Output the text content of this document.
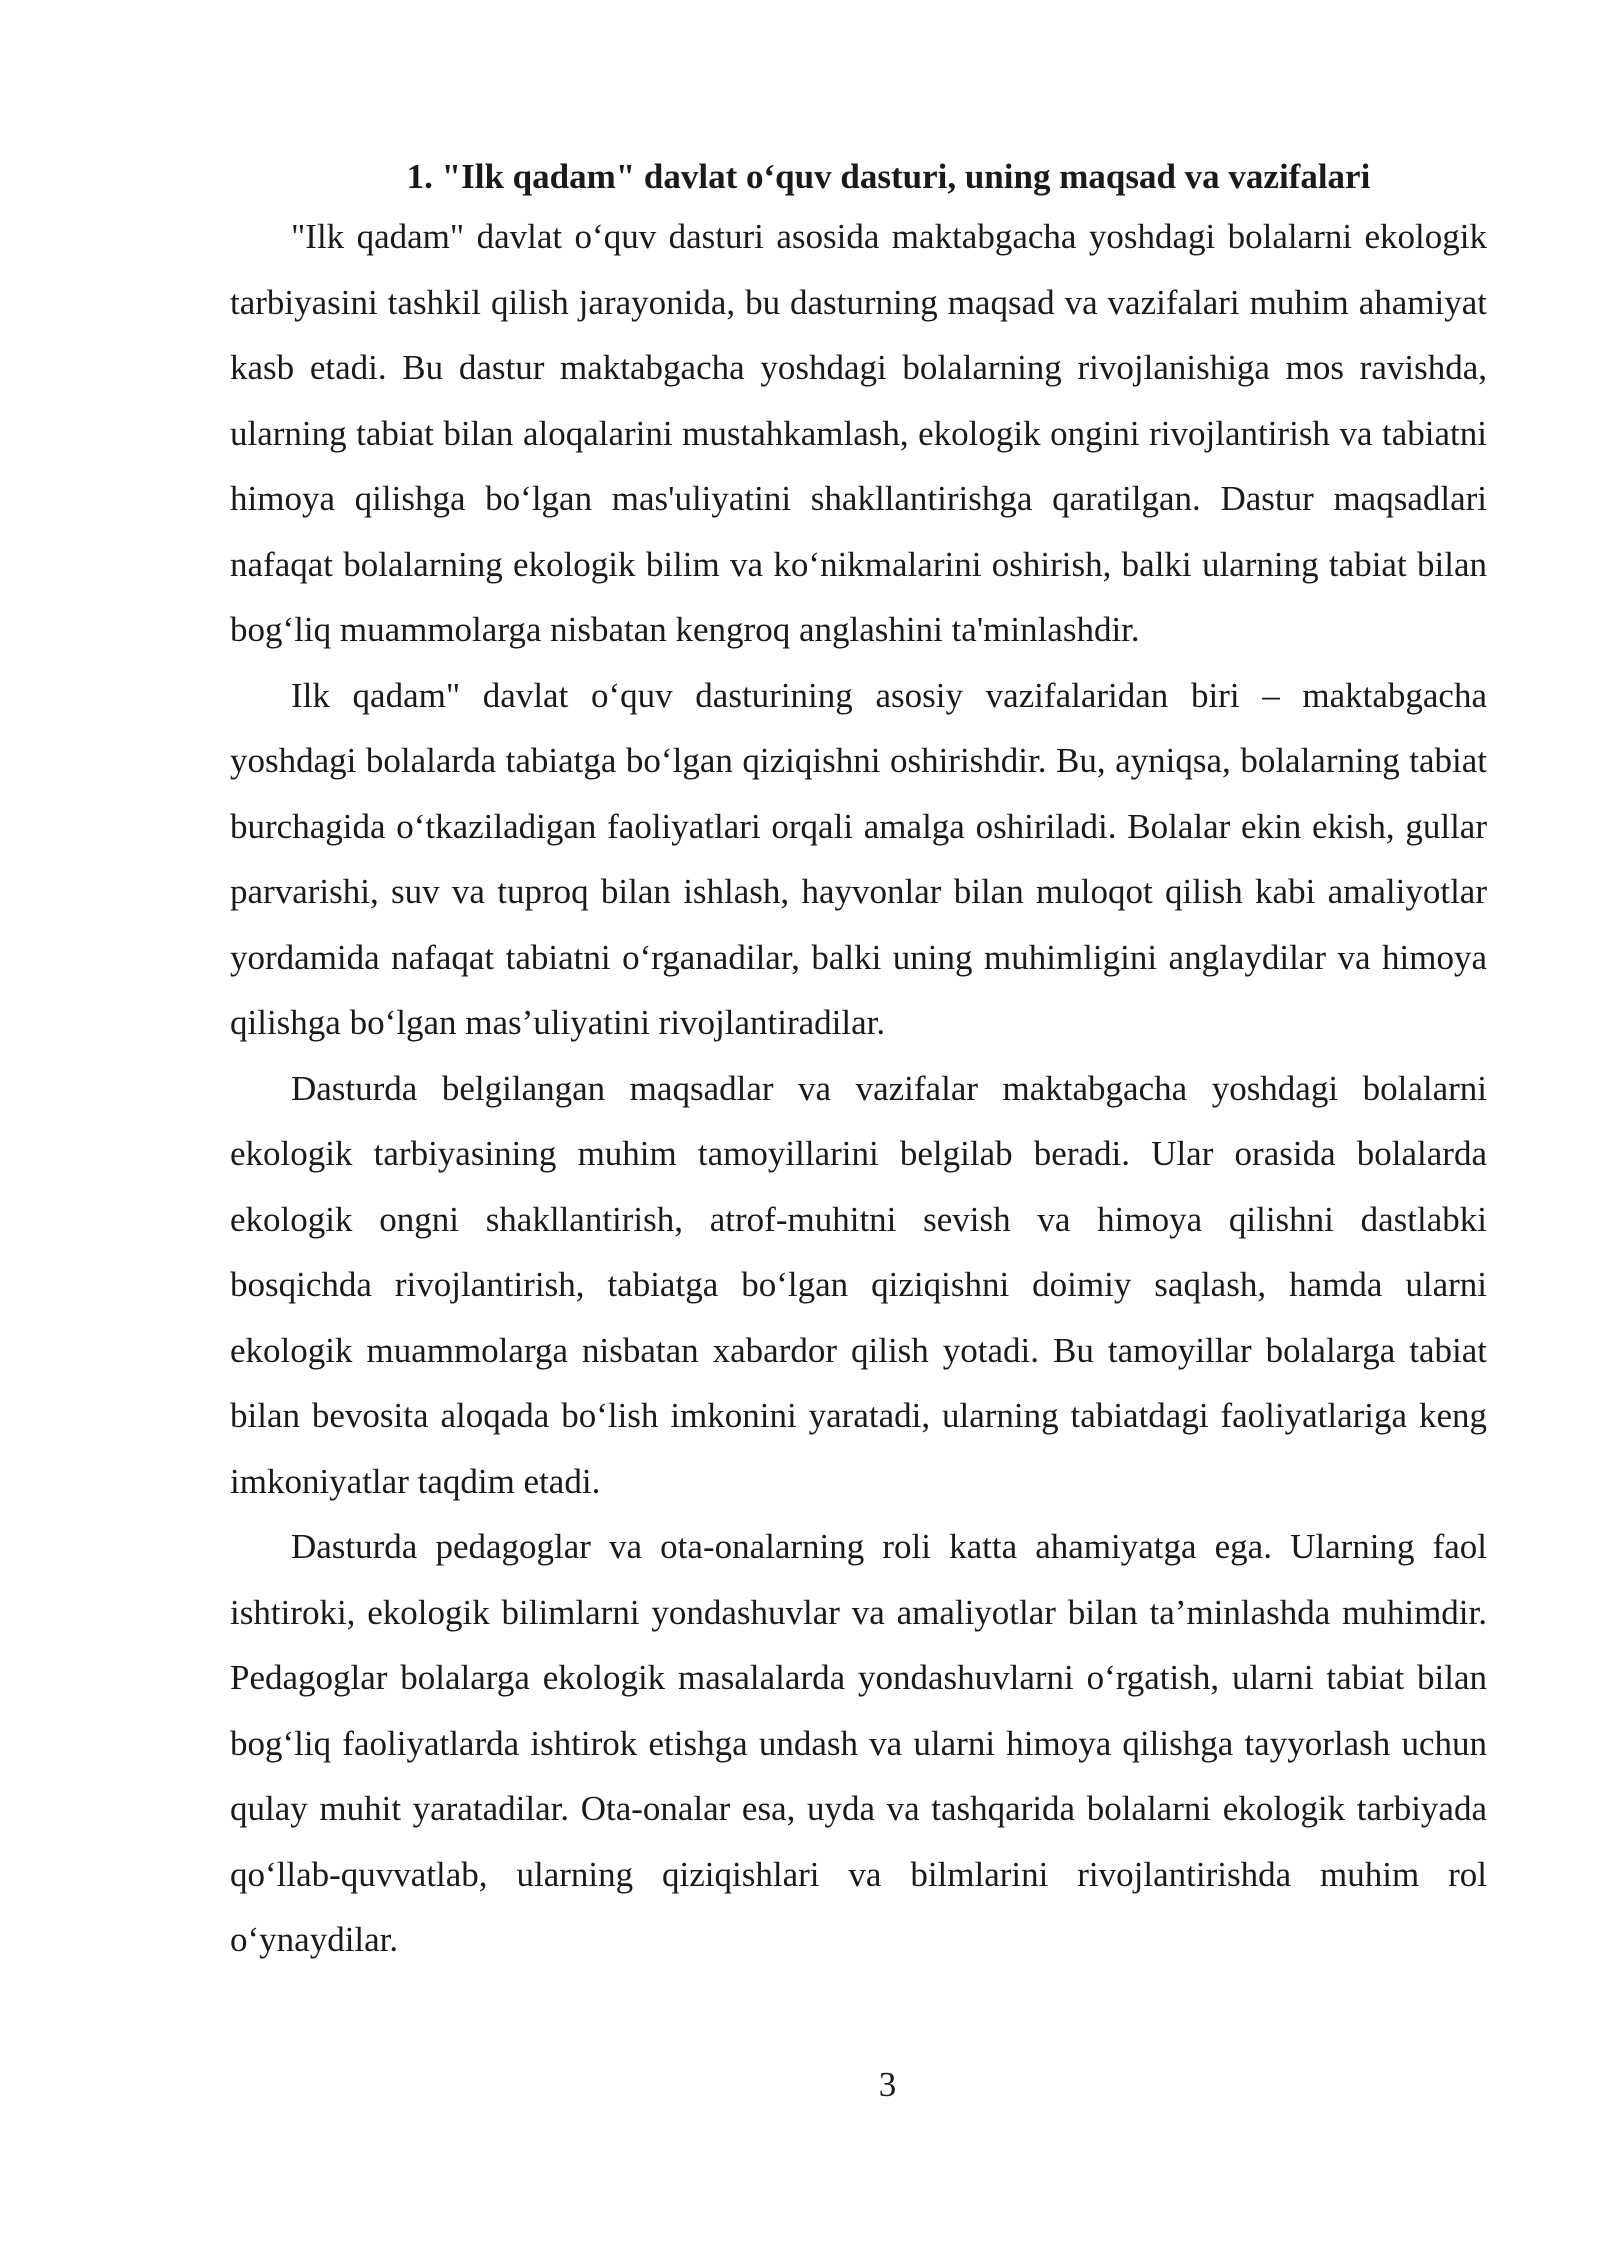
1. "Ilk qadam" davlat o‘quv dasturi, uning maqsad va vazifalari

"Ilk qadam" davlat o‘quv dasturi asosida maktabgacha yoshdagi bolalarni ekologik tarbiyasini tashkil qilish jarayonida, bu dasturning maqsad va vazifalari muhim ahamiyat kasb etadi. Bu dastur maktabgacha yoshdagi bolalarning rivojlanishiga mos ravishda, ularning tabiat bilan aloqalarini mustahkamlash, ekologik ongini rivojlantirish va tabiatni himoya qilishga bo‘lgan mas'uliyatini shakllantirishga qaratilgan. Dastur maqsadlari nafaqat bolalarning ekologik bilim va ko‘nikmalarini oshirish, balki ularning tabiat bilan bog‘liq muammolarga nisbatan kengroq anglashini ta'minlashdir.

Ilk qadam" davlat o‘quv dasturining asosiy vazifalaridan biri – maktabgacha yoshdagi bolalarda tabiatga bo‘lgan qiziqishni oshirishdir. Bu, ayniqsa, bolalarning tabiat burchagida o‘tkaziladigan faoliyatlari orqali amalga oshiriladi. Bolalar ekin ekish, gullar parvarishi, suv va tuproq bilan ishlash, hayvonlar bilan muloqot qilish kabi amaliyotlar yordamida nafaqat tabiatni o‘rganadilar, balki uning muhimligini anglaydilar va himoya qilishga bo‘lgan mas’uliyatini rivojlantiradilar.

Dasturda belgilangan maqsadlar va vazifalar maktabgacha yoshdagi bolalarni ekologik tarbiyasining muhim tamoyillarini belgilab beradi. Ular orasida bolalarda ekologik ongni shakllantirish, atrof-muhitni sevish va himoya qilishni dastlabki bosqichda rivojlantirish, tabiatga bo‘lgan qiziqishni doimiy saqlash, hamda ularni ekologik muammolarga nisbatan xabardor qilish yotadi. Bu tamoyillar bolalarga tabiat bilan bevosita aloqada bo‘lish imkonini yaratadi, ularning tabiatdagi faoliyatlariga keng imkoniyatlar taqdim etadi.

Dasturda pedagoglar va ota-onalarning roli katta ahamiyatga ega. Ularning faol ishtiroki, ekologik bilimlarni yondashuvlar va amaliyotlar bilan ta’minlashda muhimdir. Pedagoglar bolalarga ekologik masalalarda yondashuvlarni o‘rgatish, ularni tabiat bilan bog‘liq faoliyatlarda ishtirok etishga undash va ularni himoya qilishga tayyorlash uchun qulay muhit yaratadilar. Ota-onalar esa, uyda va tashqarida bolalarni ekologik tarbiyada qo‘llab-quvvatlab, ularning qiziqishlari va bilmlarini rivojlantirishda muhim rol o‘ynaydilar.

3
